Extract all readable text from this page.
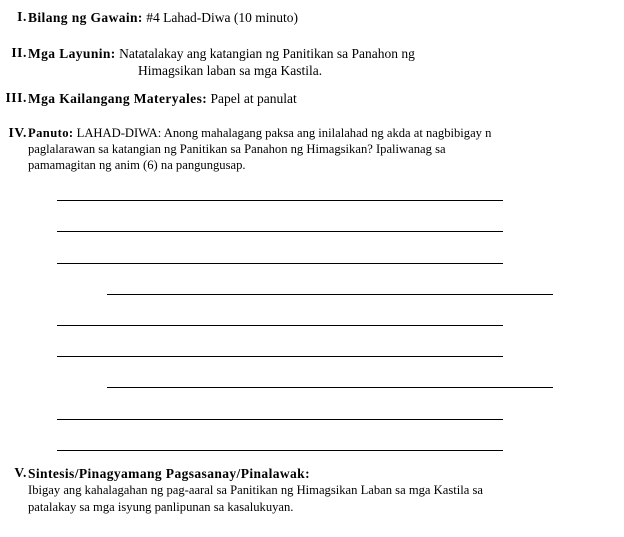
I. Bilang ng Gawain: #4 Lahad-Diwa (10 minuto)
II. Mga Layunin: Natatalakay ang katangian ng Panitikan sa Panahon ng
Himagsikan laban sa mga Kastila.
III. Mga Kailangang Materyales: Papel at panulat
IV. Panuto: LAHAD-DIWA: Anong mahalagang paksa ang inilalahad ng akda at nagbibigay n
paglalarawan sa katangian ng Panitikan sa Panahon ng Himagsikan? Ipaliwanag sa
pamamagitan ng anim (6) na pangungusap.
V. Sintesis/Pinagyamang Pagsasanay/Pinalawak:
Ibigay ang kahalagahan ng pag-aaral sa Panitikan ng Himagsikan Laban sa mga Kastila sa
patalakay sa mga isyung panlipunan sa kasalukuyan.
